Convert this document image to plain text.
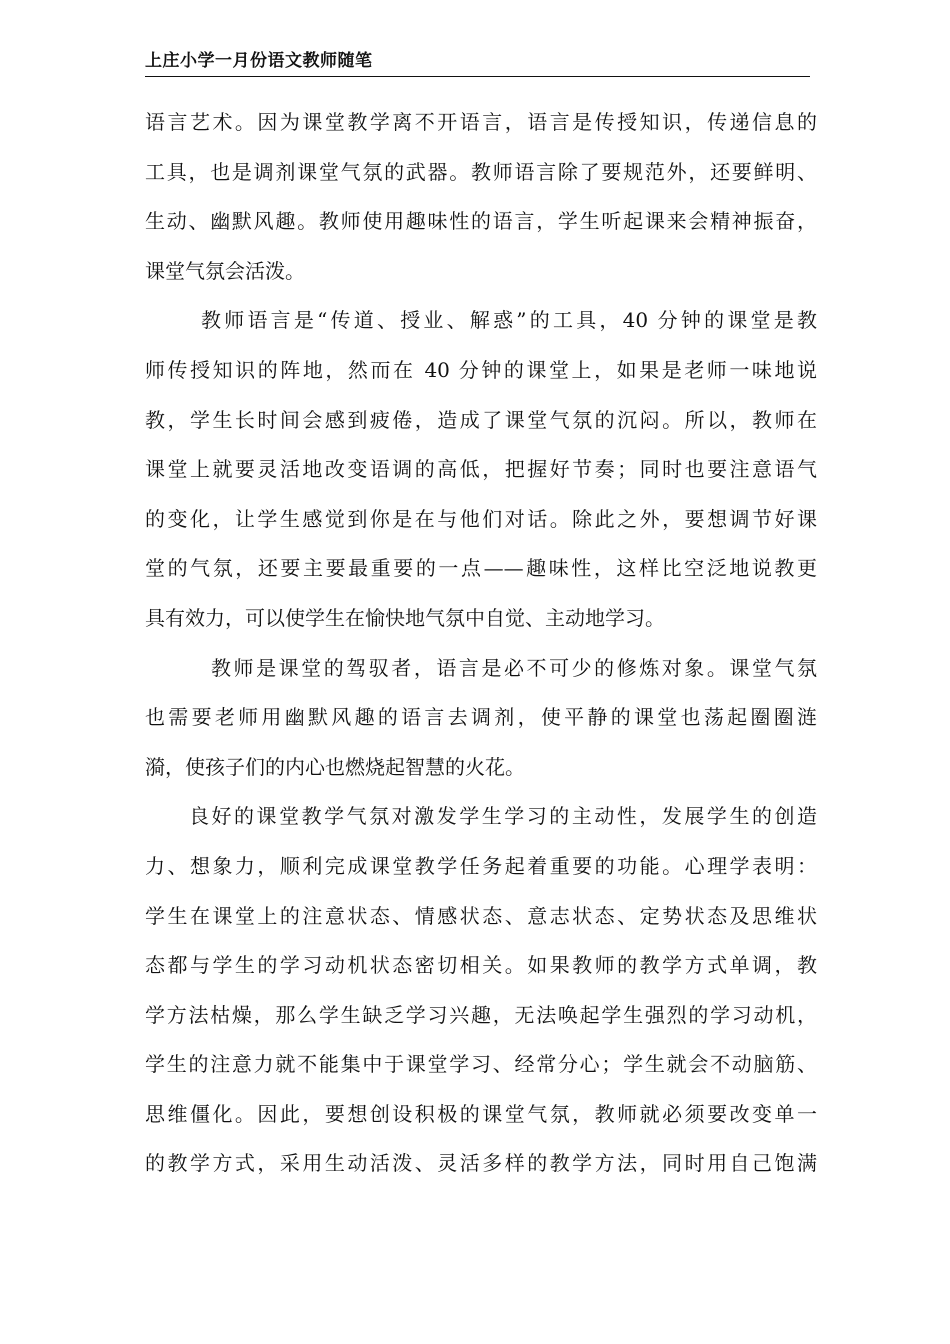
上庄小学一月份语文教师随笔
语言艺术。因为课堂教学离不开语言，语言是传授知识，传递信息的
工具，也是调剂课堂气氛的武器。教师语言除了要规范外，还要鲜明、
生动、幽默风趣。教师使用趣味性的语言，学生听起课来会精神振奋，
课堂气氛会活泼。
教师语言是“传道、授业、解惑”的工具，40 分钟的课堂是教
师传授知识的阵地，然而在 40 分钟的课堂上，如果是老师一味地说
教，学生长时间会感到疲倦，造成了课堂气氛的沉闷。所以，教师在
课堂上就要灵活地改变语调的高低，把握好节奏；同时也要注意语气
的变化，让学生感觉到你是在与他们对话。除此之外，要想调节好课
堂的气氛，还要主要最重要的一点——趣味性，这样比空泛地说教更
具有效力，可以使学生在愉快地气氛中自觉、主动地学习。
教师是课堂的驾驭者，语言是必不可少的修炼对象。课堂气氛
也需要老师用幽默风趣的语言去调剂，使平静的课堂也荡起圈圈涟
漪，使孩子们的内心也燃烧起智慧的火花。
良好的课堂教学气氛对激发学生学习的主动性，发展学生的创造
力、想象力，顺利完成课堂教学任务起着重要的功能。心理学表明：
学生在课堂上的注意状态、情感状态、意志状态、定势状态及思维状
态都与学生的学习动机状态密切相关。如果教师的教学方式单调，教
学方法枯燥，那么学生缺乏学习兴趣，无法唤起学生强烈的学习动机，
学生的注意力就不能集中于课堂学习、经常分心；学生就会不动脑筋、
思维僵化。因此，要想创设积极的课堂气氛，教师就必须要改变单一
的教学方式，采用生动活泼、灵活多样的教学方法，同时用自己饱满
